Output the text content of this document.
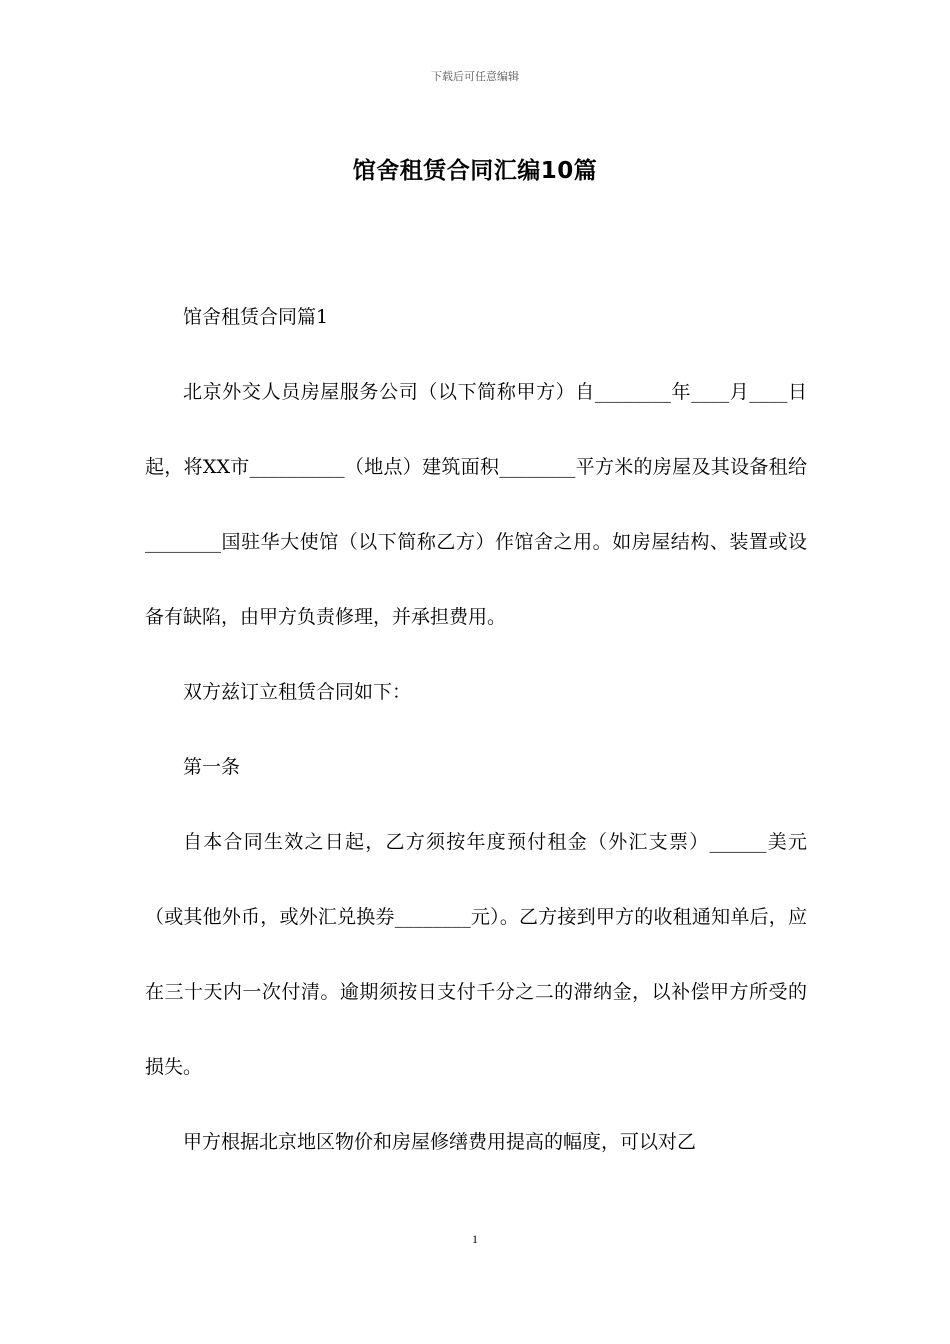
下载后可任意编辑
馆舍租赁合同汇编10篇

馆舍租赁合同篇1

北京外交人员房屋服务公司（以下简称甲方）自________年____月____日起，将XX市__________（地点）建筑面积________平方米的房屋及其设备租给________国驻华大使馆（以下简称乙方）作馆舍之用。如房屋结构、装置或设备有缺陷，由甲方负责修理，并承担费用。

双方兹订立租赁合同如下：

第一条

自本合同生效之日起，乙方须按年度预付租金（外汇支票）______美元（或其他外币，或外汇兑换券________元）。乙方接到甲方的收租通知单后，应在三十天内一次付清。逾期须按日支付千分之二的滞纳金，以补偿甲方所受的损失。

甲方根据北京地区物价和房屋修缮费用提高的幅度，可以对乙

1
